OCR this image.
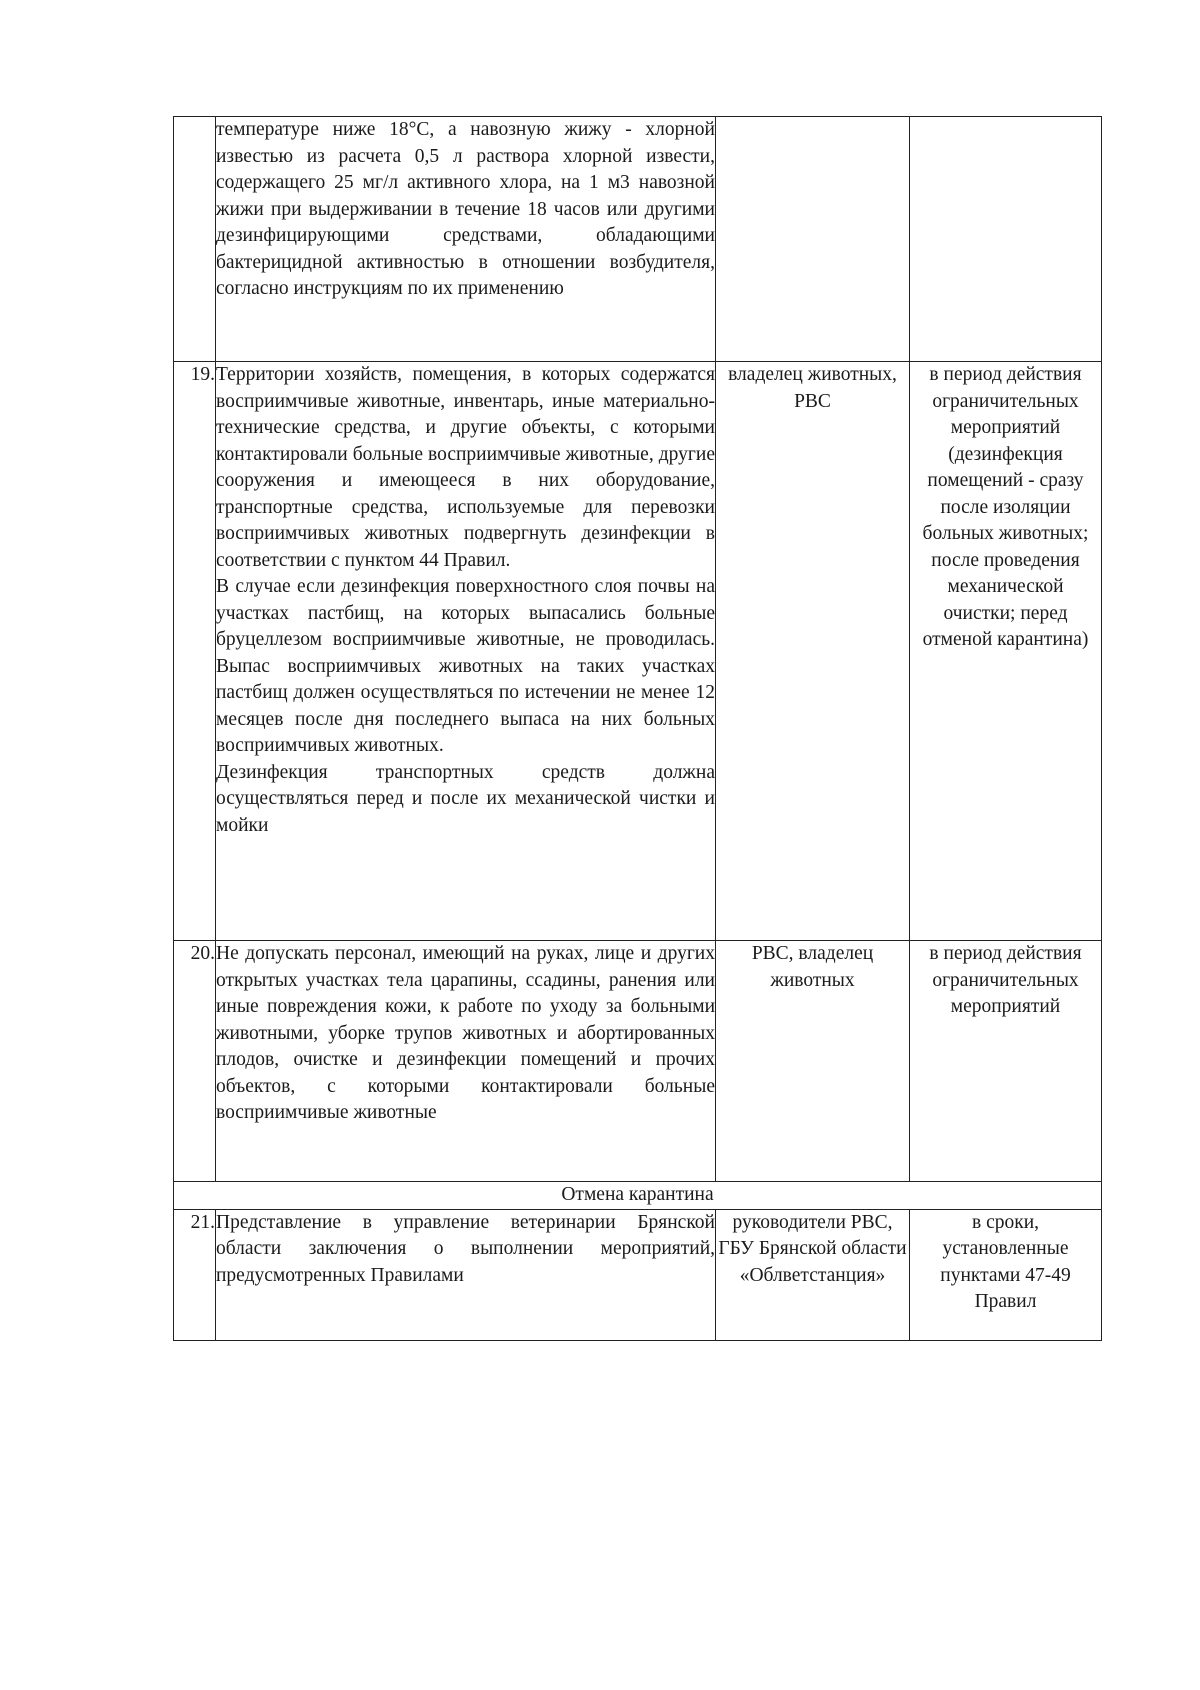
	температуре ниже 18°С, а навозную жижу - хлорной известью из расчета 0,5 л раствора хлорной извести, содержащего 25 мг/л активного хлора, на 1 м3 навозной жижи при выдерживании в течение 18 часов или другими дезинфицирующими средствами, обладающими бактерицидной активностью в отношении возбудителя, согласно инструкциям по их применению		

19.	Территории хозяйств, помещения, в которых содержатся восприимчивые животные, инвентарь, иные материально-технические средства, и другие объекты, с которыми контактировали больные восприимчивые животные, другие сооружения и имеющееся в них оборудование, транспортные средства, используемые для перевозки восприимчивых животных подвергнуть дезинфекции в соответствии с пунктом 44 Правил.

В случае если дезинфекция поверхностного слоя почвы на участках пастбищ, на которых выпасались больные бруцеллезом восприимчивые животные, не проводилась. Выпас восприимчивых животных на таких участках пастбищ должен осуществляться по истечении не менее 12 месяцев после дня последнего выпаса на них больных восприимчивых животных.

Дезинфекция транспортных средств должна осуществляться перед и после их механической чистки и мойки	владелец животных, РВС	в период действия ограничительных мероприятий (дезинфекция помещений - сразу после изоляции больных животных; после проведения механической очистки; перед отменой карантина)
20.	Не допускать персонал, имеющий на руках, лице и других открытых участках тела царапины, ссадины, ранения или иные повреждения кожи, к работе по уходу за больными животными, уборке трупов животных и абортированных плодов, очистке и дезинфекции помещений и прочих объектов, с которыми контактировали больные восприимчивые животные	РВС, владелец животных	в период действия ограничительных мероприятий
Отмена карантина			
21.	Представление в управление ветеринарии Брянской области заключения о выполнении мероприятий, предусмотренных Правилами	руководители РВС, ГБУ Брянской области «Облветстанция»	в сроки, установленные пунктами 47-49 Правил
